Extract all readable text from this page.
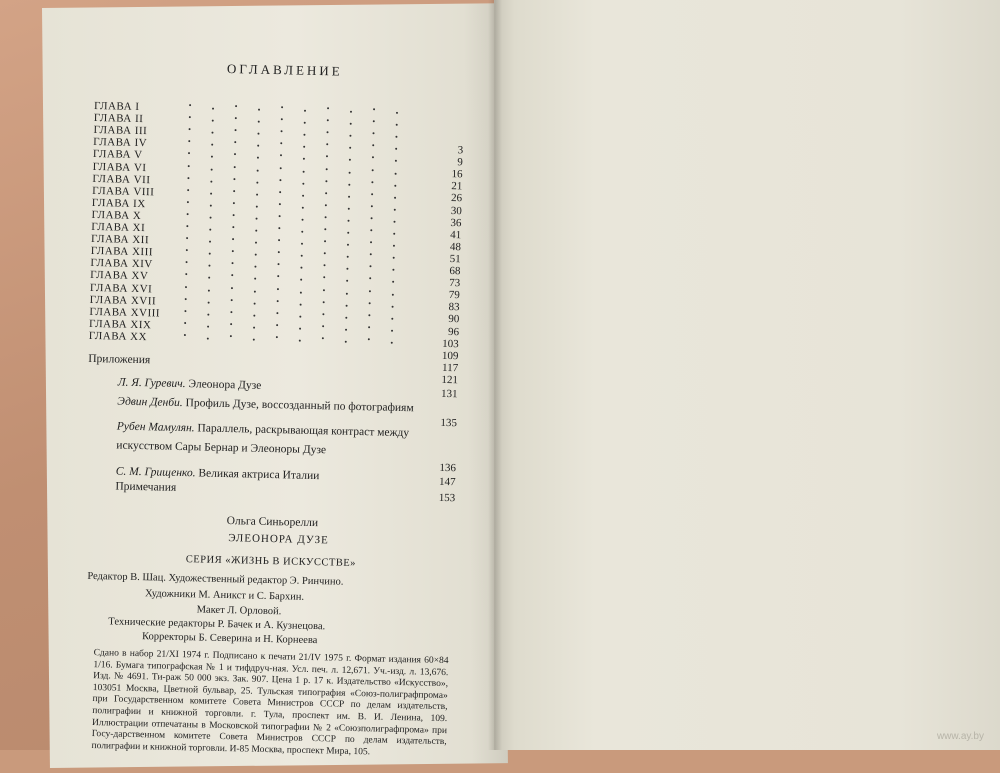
ОГЛАВЛЕНИЕ
ГЛАВА I
ГЛАВА II
ГЛАВА III
ГЛАВА IV
ГЛАВА V
ГЛАВА VI
ГЛАВА VII
ГЛАВА VIII
ГЛАВА IX
ГЛАВА X
ГЛАВА XI
ГЛАВА XII
ГЛАВА XIII
ГЛАВА XIV
ГЛАВА XV
ГЛАВА XVI
ГЛАВА XVII
ГЛАВА XVIII
ГЛАВА XIX
ГЛАВА XX
3
9
16
21
26
30
36
41
48
51
68
73
79
83
90
96
103
109
117
121
Приложения
Л. Я. Гуревич. Элеонора Дузе
131
Эдвин Денби. Профиль Дузе, воссозданный по фотографиям
135
Рубен Мамулян. Параллель, раскрывающая контраст между искусством Сары Бернар и Элеоноры Дузе
136
С. М. Грищенко. Великая актриса Италии	147
Примечания
153
Ольга Синьорелли
ЭЛЕОНОРА ДУЗЕ
СЕРИЯ «ЖИЗНЬ В ИСКУССТВЕ»
Редактор В. Шац. Художественный редактор Э. Ринчино.
Художники М. Аникст и С. Бархин.
Макет Л. Орловой.
Технические редакторы Р. Бачек и А. Кузнецова.
Корректоры Б. Северина и Н. Корнеева
Сдано в набор 21/XI 1974 г. Подписано к печати 21/IV 1975 г. Формат издания 60×84 1/16. Бумага типографская № 1 и тифдруч-ная. Усл. печ. л. 12,671. Уч.-изд. л. 13,676. Изд. № 4691. Ти-раж 50 000 экз. Зак. 907. Цена 1 р. 17 к. Издательство «Искусство», 103051 Москва, Цветной бульвар, 25. Тульская типография «Союз-полиграфпрома» при Государственном комитете Совета Министров СССР по делам издательств, полиграфии и книжной торговли. г. Тула, проспект им. В. И. Ленина, 109. Иллюстрации отпечатаны в Московской типографии № 2 «Союзполиграфпрома» при Госу-дарственном комитете Совета Министров СССР по делам издательств, полиграфии и книжной торговли. И-85 Москва, проспект Мира, 105.
www.ay.by
